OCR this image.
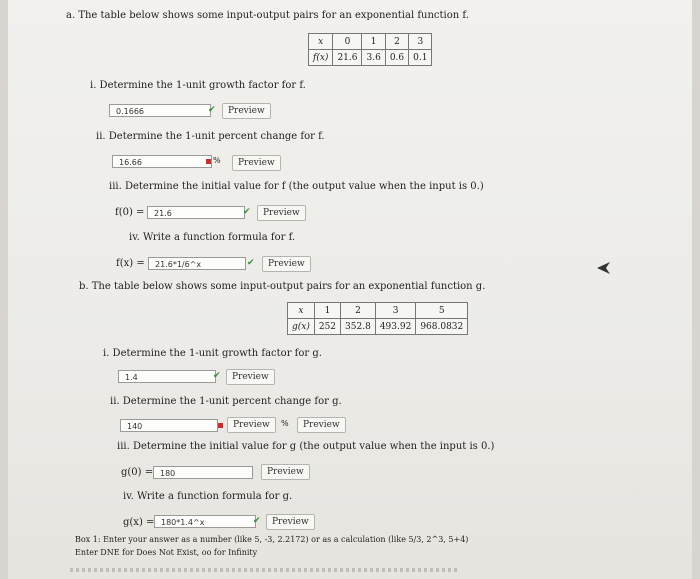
a. The table below shows some input-output pairs for an exponential function f.
x	0	1	2	3
f(x)	21.6	3.6	0.6	0.1
i. Determine the 1-unit growth factor for f.
0.1666	✔	Preview
ii. Determine the 1-unit percent change for f.
16.66	%	Preview
iii. Determine the initial value for f (the output value when the input is 0.)
f(0) =	21.6	✔	Preview
iv. Write a function formula for f.
f(x) =	21.6*1/6^x	✔	Preview
b. The table below shows some input-output pairs for an exponential function g.
x	1	2	3	5
g(x)	252	352.8	493.92	968.0832
i. Determine the 1-unit growth factor for g.
1.4	✔	Preview
ii. Determine the 1-unit percent change for g.
140	Preview	%	Preview
iii. Determine the initial value for g (the output value when the input is 0.)
g(0) = 180	Preview
iv. Write a function formula for g.
g(x) = 180*1.4^x	✔	Preview
Box 1: Enter your answer as a number (like 5, -3, 2.2172) or as a calculation (like 5/3, 2^3, 5+4)
Enter DNE for Does Not Exist, oo for Infinity
